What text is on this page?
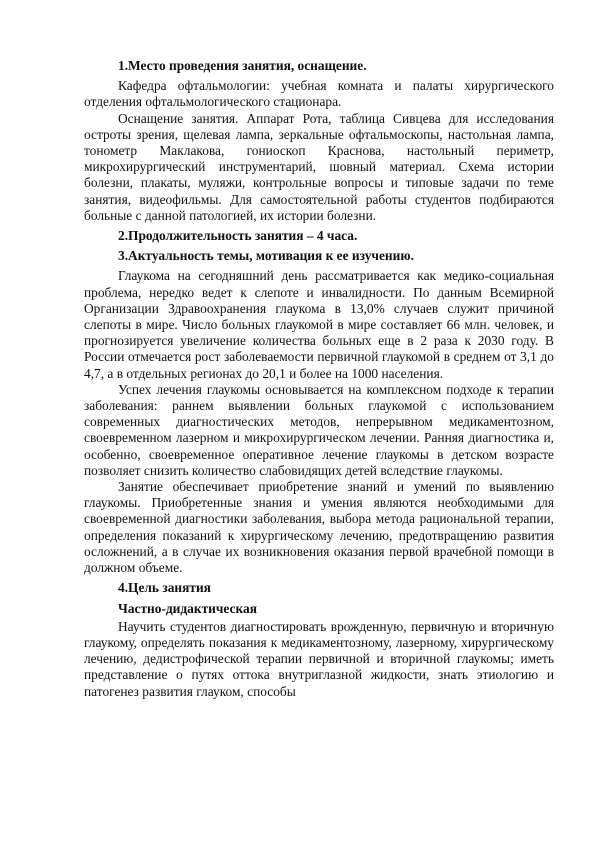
1.Место проведения занятия, оснащение.

Кафедра офтальмологии: учебная комната и палаты хирургического отделения офтальмологического стационара.

Оснащение занятия. Аппарат Рота, таблица Сивцева для исследования остроты зрения, щелевая лампа, зеркальные офтальмоскопы, настольная лампа, тонометр Маклакова, гониоскоп Краснова, настольный периметр, микрохирургический инструментарий, шовный материал. Схема истории болезни, плакаты, муляжи, контрольные вопросы и типовые задачи по теме занятия, видеофильмы. Для самостоятельной работы студентов подбираются больные с данной патологией, их истории болезни.

2.Продолжительность занятия – 4 часа.

3.Актуальность темы, мотивация к ее изучению.

Глаукома на сегодняшний день рассматривается как медико-социальная проблема, нередко ведет к слепоте и инвалидности. По данным Всемирной Организации Здравоохранения глаукома в 13,0% случаев служит причиной слепоты в мире. Число больных глаукомой в мире составляет 66 млн. человек, и прогнозируется увеличение количества больных еще в 2 раза к 2030 году. В России отмечается рост заболеваемости первичной глаукомой в среднем от 3,1 до 4,7, а в отдельных регионах до 20,1 и более на 1000 населения.

Успех лечения глаукомы основывается на комплексном подходе к терапии заболевания: раннем выявлении больных глаукомой с использованием современных диагностических методов, непрерывном медикаментозном, своевременном лазерном и микрохирургическом лечении. Ранняя диагностика и, особенно, своевременное оперативное лечение глаукомы в детском возрасте позволяет снизить количество слабовидящих детей вследствие глаукомы.

Занятие обеспечивает приобретение знаний и умений по выявлению глаукомы. Приобретенные знания и умения являются необходимыми для своевременной диагностики заболевания, выбора метода рациональной терапии, определения показаний к хирургическому лечению, предотвращению развития осложнений, а в случае их возникновения оказания первой врачебной помощи в должном объеме.

4.Цель занятия

Частно-дидактическая

Научить студентов диагностировать врожденную, первичную и вторичную глаукому, определять показания к медикаментозному, лазерному, хирургическому лечению, дедистрофической терапии первичной и вторичной глаукомы; иметь представление о путях оттока внутриглазной жидкости, знать этиологию и патогенез развития глауком, способы
